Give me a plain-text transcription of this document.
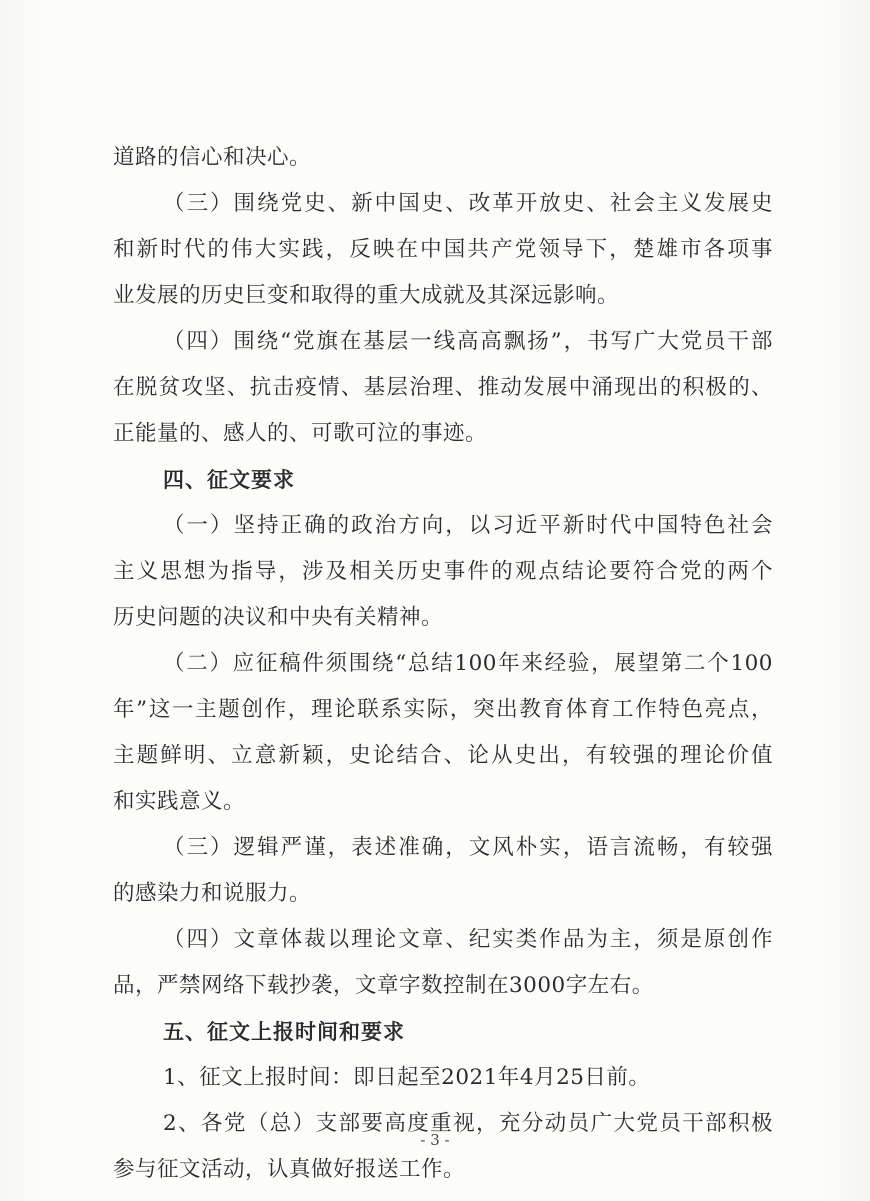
道路的信心和决心。
（三）围绕党史、新中国史、改革开放史、社会主义发展史
和新时代的伟大实践，反映在中国共产党领导下，楚雄市各项事
业发展的历史巨变和取得的重大成就及其深远影响。
（四）围绕“党旗在基层一线高高飘扬”，书写广大党员干部
在脱贫攻坚、抗击疫情、基层治理、推动发展中涌现出的积极的、
正能量的、感人的、可歌可泣的事迹。
四、征文要求
（一）坚持正确的政治方向，以习近平新时代中国特色社会
主义思想为指导，涉及相关历史事件的观点结论要符合党的两个
历史问题的决议和中央有关精神。
（二）应征稿件须围绕“总结100年来经验，展望第二个100
年”这一主题创作，理论联系实际，突出教育体育工作特色亮点，
主题鲜明、立意新颖，史论结合、论从史出，有较强的理论价值
和实践意义。
（三）逻辑严谨，表述准确，文风朴实，语言流畅，有较强
的感染力和说服力。
（四）文章体裁以理论文章、纪实类作品为主，须是原创作
品，严禁网络下载抄袭，文章字数控制在3000字左右。
五、征文上报时间和要求
1、征文上报时间：即日起至2021年4月25日前。
2、各党（总）支部要高度重视，充分动员广大党员干部积极
参与征文活动，认真做好报送工作。
- 3 -
